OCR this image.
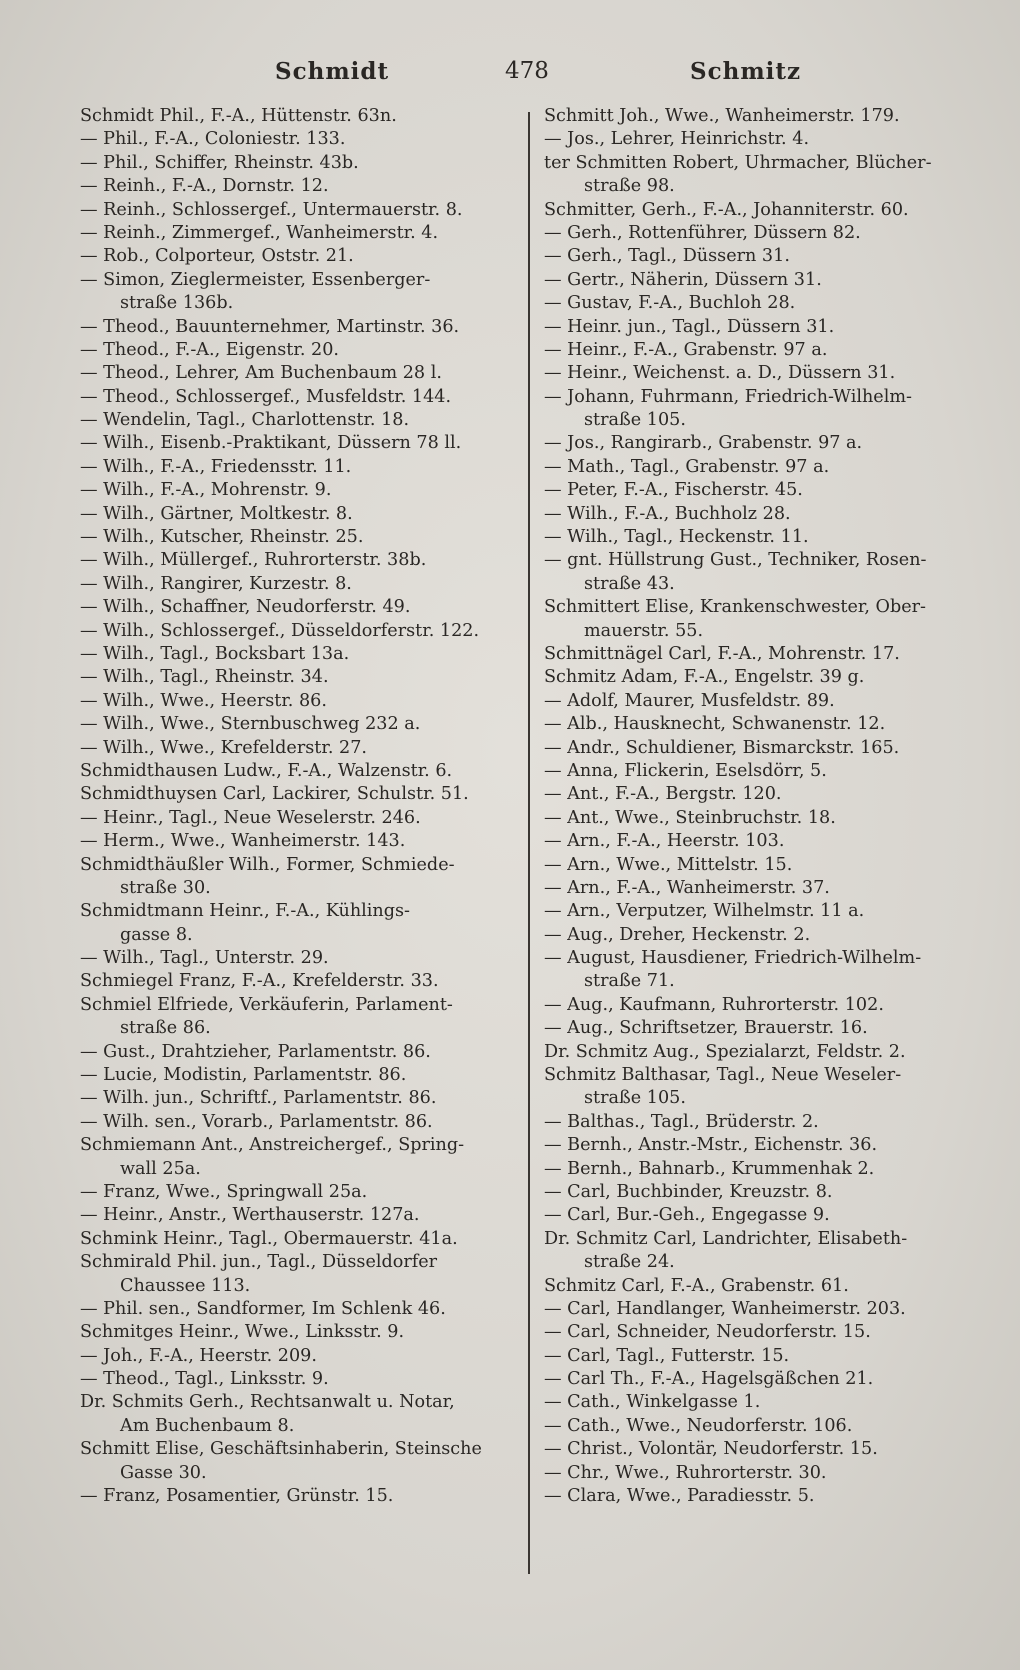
Schmidt	478	Schmitz
Schmidt Phil., F.-A., Hüttenstr. 63n.
— Phil., F.-A., Coloniestr. 133.
— Phil., Schiffer, Rheinstr. 43b.
— Reinh., F.-A., Dornstr. 12.
— Reinh., Schlossergef., Untermauerstr. 8.
— Reinh., Zimmergef., Wanheimerstr. 4.
— Rob., Colporteur, Oststr. 21.
— Simon, Zieglermeister, Essenberger-
straße 136b.
— Theod., Bauunternehmer, Martinstr. 36.
— Theod., F.-A., Eigenstr. 20.
— Theod., Lehrer, Am Buchenbaum 28 l.
— Theod., Schlossergef., Musfeldstr. 144.
— Wendelin, Tagl., Charlottenstr. 18.
— Wilh., Eisenb.-Praktikant, Düssern 78 ll.
— Wilh., F.-A., Friedensstr. 11.
— Wilh., F.-A., Mohrenstr. 9.
— Wilh., Gärtner, Moltkestr. 8.
— Wilh., Kutscher, Rheinstr. 25.
— Wilh., Müllergef., Ruhrorterstr. 38b.
— Wilh., Rangirer, Kurzestr. 8.
— Wilh., Schaffner, Neudorferstr. 49.
— Wilh., Schlossergef., Düsseldorferstr. 122.
— Wilh., Tagl., Bocksbart 13a.
— Wilh., Tagl., Rheinstr. 34.
— Wilh., Wwe., Heerstr. 86.
— Wilh., Wwe., Sternbuschweg 232 a.
— Wilh., Wwe., Krefelderstr. 27.
Schmidthausen Ludw., F.-A., Walzenstr. 6.
Schmidthuysen Carl, Lackirer, Schulstr. 51.
— Heinr., Tagl., Neue Weselerstr. 246.
— Herm., Wwe., Wanheimerstr. 143.
Schmidthäußler Wilh., Former, Schmiede-
straße 30.
Schmidtmann Heinr., F.-A., Kühlings-
gasse 8.
— Wilh., Tagl., Unterstr. 29.
Schmiegel Franz, F.-A., Krefelderstr. 33.
Schmiel Elfriede, Verkäuferin, Parlament-
straße 86.
— Gust., Drahtzieher, Parlamentstr. 86.
— Lucie, Modistin, Parlamentstr. 86.
— Wilh. jun., Schriftf., Parlamentstr. 86.
— Wilh. sen., Vorarb., Parlamentstr. 86.
Schmiemann Ant., Anstreichergef., Spring-
wall 25a.
— Franz, Wwe., Springwall 25a.
— Heinr., Anstr., Werthauserstr. 127a.
Schmink Heinr., Tagl., Obermauerstr. 41a.
Schmirald Phil. jun., Tagl., Düsseldorfer
Chaussee 113.
— Phil. sen., Sandformer, Im Schlenk 46.
Schmitges Heinr., Wwe., Linksstr. 9.
— Joh., F.-A., Heerstr. 209.
— Theod., Tagl., Linksstr. 9.
Dr. Schmits Gerh., Rechtsanwalt u. Notar,
Am Buchenbaum 8.
Schmitt Elise, Geschäftsinhaberin, Steinsche
Gasse 30.
— Franz, Posamentier, Grünstr. 15.
Schmitt Joh., Wwe., Wanheimerstr. 179.
— Jos., Lehrer, Heinrichstr. 4.
ter Schmitten Robert, Uhrmacher, Blücher-
straße 98.
Schmitter, Gerh., F.-A., Johanniterstr. 60.
— Gerh., Rottenführer, Düssern 82.
— Gerh., Tagl., Düssern 31.
— Gertr., Näherin, Düssern 31.
— Gustav, F.-A., Buchloh 28.
— Heinr. jun., Tagl., Düssern 31.
— Heinr., F.-A., Grabenstr. 97 a.
— Heinr., Weichenst. a. D., Düssern 31.
— Johann, Fuhrmann, Friedrich-Wilhelm-
straße 105.
— Jos., Rangirarb., Grabenstr. 97 a.
— Math., Tagl., Grabenstr. 97 a.
— Peter, F.-A., Fischerstr. 45.
— Wilh., F.-A., Buchholz 28.
— Wilh., Tagl., Heckenstr. 11.
— gnt. Hüllstrung Gust., Techniker, Rosen-
straße 43.
Schmittert Elise, Krankenschwester, Ober-
mauerstr. 55.
Schmittnägel Carl, F.-A., Mohrenstr. 17.
Schmitz Adam, F.-A., Engelstr. 39 g.
— Adolf, Maurer, Musfeldstr. 89.
— Alb., Hausknecht, Schwanenstr. 12.
— Andr., Schuldiener, Bismarckstr. 165.
— Anna, Flickerin, Eselsdörr, 5.
— Ant., F.-A., Bergstr. 120.
— Ant., Wwe., Steinbruchstr. 18.
— Arn., F.-A., Heerstr. 103.
— Arn., Wwe., Mittelstr. 15.
— Arn., F.-A., Wanheimerstr. 37.
— Arn., Verputzer, Wilhelmstr. 11 a.
— Aug., Dreher, Heckenstr. 2.
— August, Hausdiener, Friedrich-Wilhelm-
straße 71.
— Aug., Kaufmann, Ruhrorterstr. 102.
— Aug., Schriftsetzer, Brauerstr. 16.
Dr. Schmitz Aug., Spezialarzt, Feldstr. 2.
Schmitz Balthasar, Tagl., Neue Weseler-
straße 105.
— Balthas., Tagl., Brüderstr. 2.
— Bernh., Anstr.-Mstr., Eichenstr. 36.
— Bernh., Bahnarb., Krummenhak 2.
— Carl, Buchbinder, Kreuzstr. 8.
— Carl, Bur.-Geh., Engegasse 9.
Dr. Schmitz Carl, Landrichter, Elisabeth-
straße 24.
Schmitz Carl, F.-A., Grabenstr. 61.
— Carl, Handlanger, Wanheimerstr. 203.
— Carl, Schneider, Neudorferstr. 15.
— Carl, Tagl., Futterstr. 15.
— Carl Th., F.-A., Hagelsgäßchen 21.
— Cath., Winkelgasse 1.
— Cath., Wwe., Neudorferstr. 106.
— Christ., Volontär, Neudorferstr. 15.
— Chr., Wwe., Ruhrorterstr. 30.
— Clara, Wwe., Paradiesstr. 5.
